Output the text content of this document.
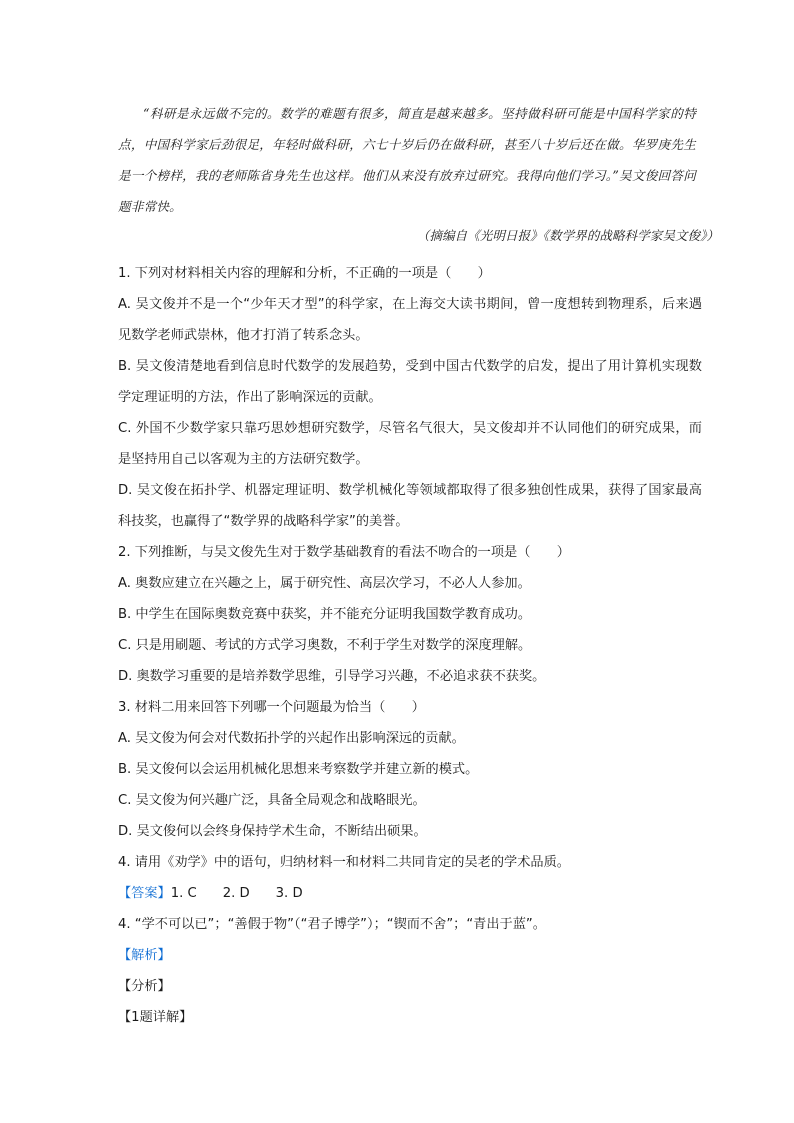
“科研是永远做不完的。数学的难题有很多，简直是越来越多。坚持做科研可能是中国科学家的特点，中国科学家后劲很足，年轻时做科研，六七十岁后仍在做科研，甚至八十岁后还在做。华罗庚先生是一个榜样，我的老师陈省身先生也这样。他们从来没有放弃过研究。我得向他们学习。”吴文俊回答问题非常快。

（摘编自《光明日报》《数学界的战略科学家吴文俊》）

1. 下列对材料相关内容的理解和分析，不正确的一项是（　　）

A. 吴文俊并不是一个“少年天才型”的科学家，在上海交大读书期间，曾一度想转到物理系，后来遇见数学老师武崇林，他才打消了转系念头。

B. 吴文俊清楚地看到信息时代数学的发展趋势，受到中国古代数学的启发，提出了用计算机实现数学定理证明的方法，作出了影响深远的贡献。

C. 外国不少数学家只靠巧思妙想研究数学，尽管名气很大，吴文俊却并不认同他们的研究成果，而是坚持用自己以客观为主的方法研究数学。

D. 吴文俊在拓扑学、机器定理证明、数学机械化等领域都取得了很多独创性成果，获得了国家最高科技奖，也赢得了“数学界的战略科学家”的美誉。

2. 下列推断，与吴文俊先生对于数学基础教育的看法不吻合的一项是（　　）

A. 奥数应建立在兴趣之上，属于研究性、高层次学习，不必人人参加。

B. 中学生在国际奥数竞赛中获奖，并不能充分证明我国数学教育成功。

C. 只是用刷题、考试的方式学习奥数，不利于学生对数学的深度理解。

D. 奥数学习重要的是培养数学思维，引导学习兴趣，不必追求获不获奖。

3. 材料二用来回答下列哪一个问题最为恰当（　　）

A. 吴文俊为何会对代数拓扑学的兴起作出影响深远的贡献。

B. 吴文俊何以会运用机械化思想来考察数学并建立新的模式。

C. 吴文俊为何兴趣广泛，具备全局观念和战略眼光。

D. 吴文俊何以会终身保持学术生命，不断结出硕果。

4. 请用《劝学》中的语句，归纳材料一和材料二共同肯定的吴老的学术品质。

【答案】1. C 2. D 3. D

4. “学不可以已”；“善假于物”（“君子博学”）；“锲而不舍”；“青出于蓝”。

【解析】

【分析】

【1题详解】
